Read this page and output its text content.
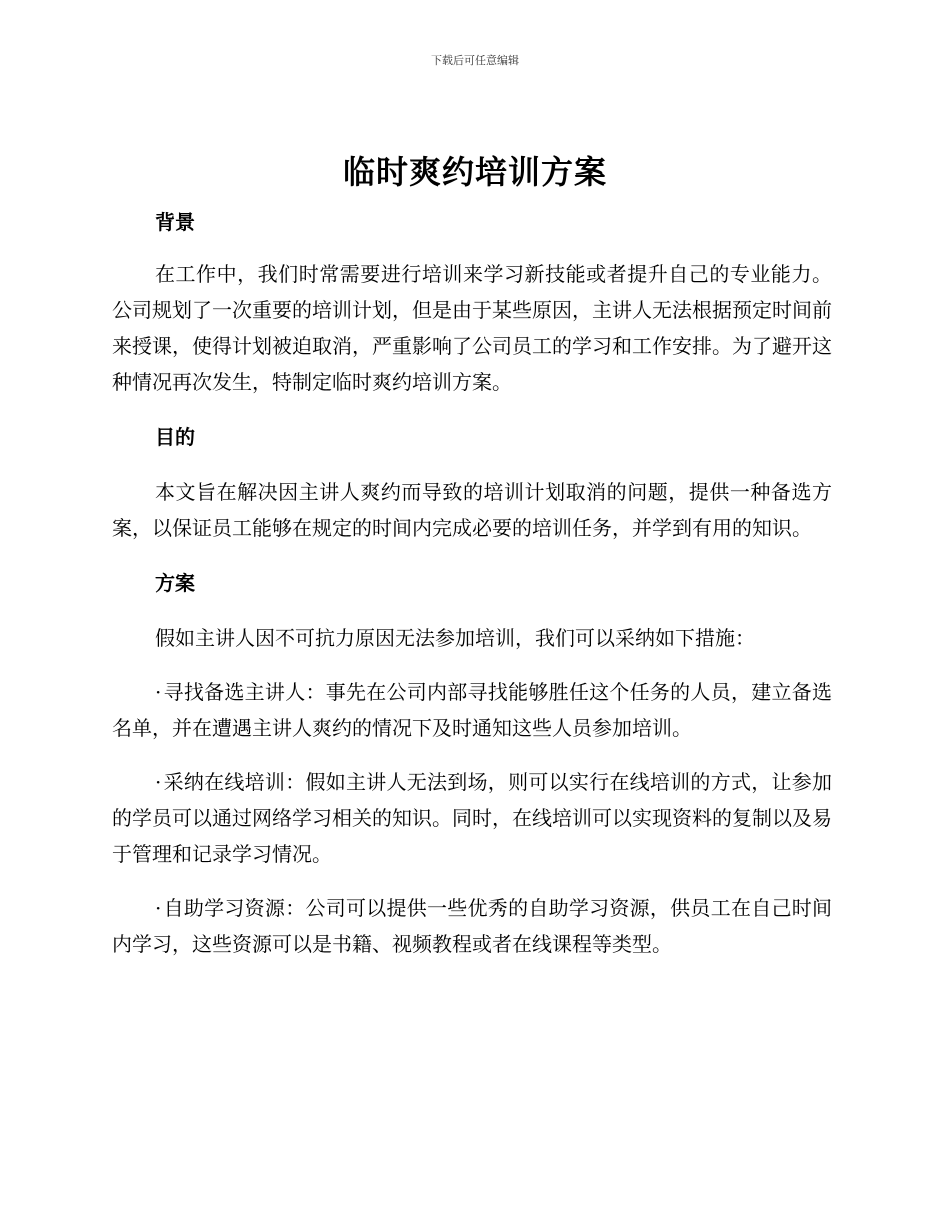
下载后可任意编辑
临时爽约培训方案
背景

在工作中，我们时常需要进行培训来学习新技能或者提升自己的专业能力。公司规划了一次重要的培训计划，但是由于某些原因，主讲人无法根据预定时间前来授课，使得计划被迫取消，严重影响了公司员工的学习和工作安排。为了避开这种情况再次发生，特制定临时爽约培训方案。

目的

本文旨在解决因主讲人爽约而导致的培训计划取消的问题，提供一种备选方案，以保证员工能够在规定的时间内完成必要的培训任务，并学到有用的知识。

方案

假如主讲人因不可抗力原因无法参加培训，我们可以采纳如下措施：

· 寻找备选主讲人：事先在公司内部寻找能够胜任这个任务的人员，建立备选名单，并在遭遇主讲人爽约的情况下及时通知这些人员参加培训。

· 采纳在线培训：假如主讲人无法到场，则可以实行在线培训的方式，让参加的学员可以通过网络学习相关的知识。同时，在线培训可以实现资料的复制以及易于管理和记录学习情况。

· 自助学习资源：公司可以提供一些优秀的自助学习资源，供员工在自己时间内学习，这些资源可以是书籍、视频教程或者在线课程等类型。
